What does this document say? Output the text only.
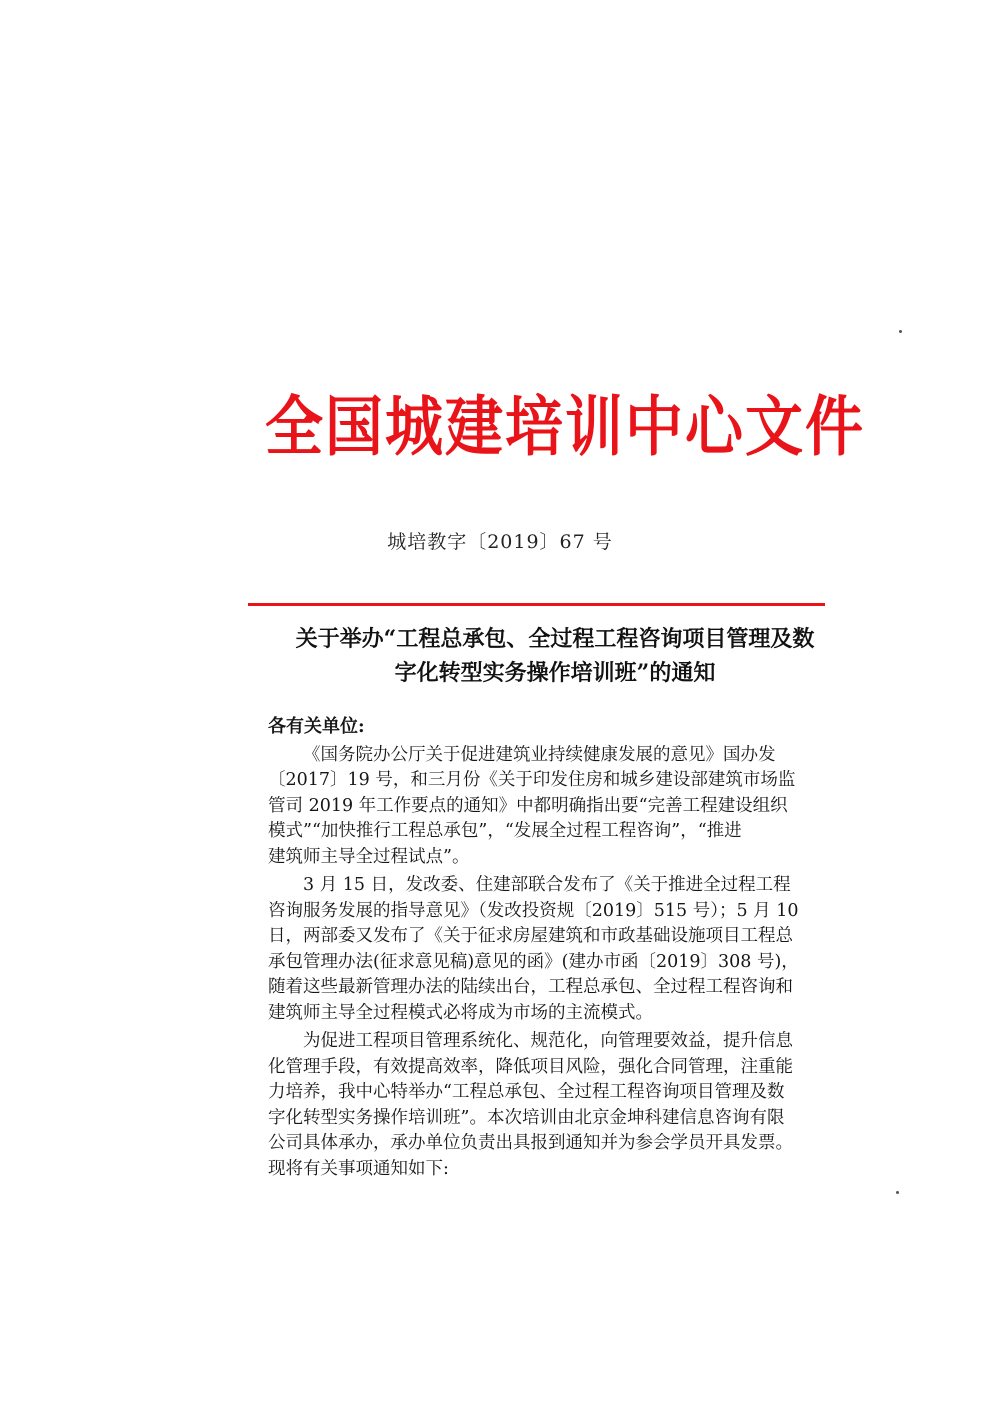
全国城建培训中心文件
城培教字〔2019〕67 号
关于举办“工程总承包、全过程工程咨询项目管理及数
字化转型实务操作培训班”的通知
各有关单位:
《国务院办公厅关于促进建筑业持续健康发展的意见》国办发
〔2017〕19 号，和三月份《关于印发住房和城乡建设部建筑市场监
管司 2019 年工作要点的通知》中都明确指出要“完善工程建设组织
模式”“加快推行工程总承包”，“发展全过程工程咨询”，“推进
建筑师主导全过程试点”。
3 月 15 日，发改委、住建部联合发布了《关于推进全过程工程
咨询服务发展的指导意见》（发改投资规〔2019〕515 号）；5 月 10
日，两部委又发布了《关于征求房屋建筑和市政基础设施项目工程总
承包管理办法(征求意见稿)意见的函》(建办市函〔2019〕308 号)，
随着这些最新管理办法的陆续出台，工程总承包、全过程工程咨询和
建筑师主导全过程模式必将成为市场的主流模式。
为促进工程项目管理系统化、规范化，向管理要效益，提升信息
化管理手段，有效提高效率，降低项目风险，强化合同管理，注重能
力培养，我中心特举办“工程总承包、全过程工程咨询项目管理及数
字化转型实务操作培训班”。本次培训由北京金坤科建信息咨询有限
公司具体承办，承办单位负责出具报到通知并为参会学员开具发票。
现将有关事项通知如下:
